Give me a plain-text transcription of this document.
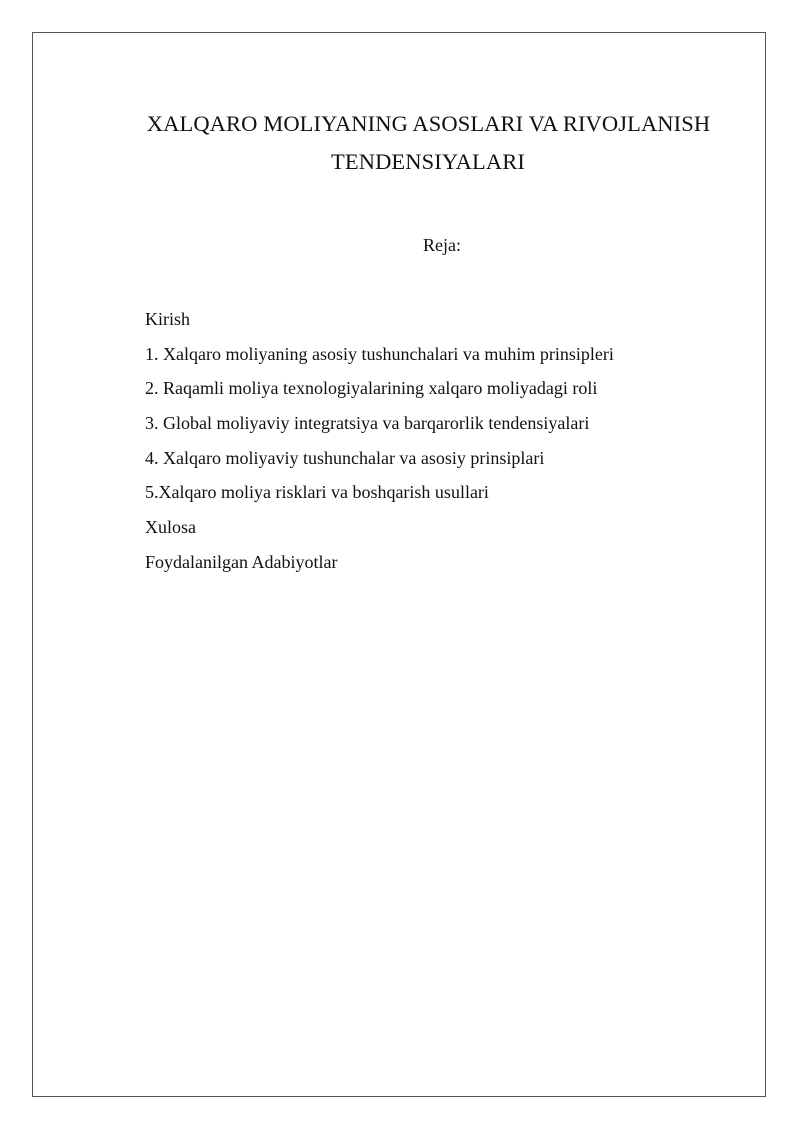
XALQARO MOLIYANING ASOSLARI VA RIVOJLANISH
TENDENSIYALARI
Reja:
Kirish
1. Xalqaro moliyaning asosiy tushunchalari va muhim prinsipleri
2. Raqamli moliya texnologiyalarining xalqaro moliyadagi roli
3. Global moliyaviy integratsiya va barqarorlik tendensiyalari
4. Xalqaro moliyaviy tushunchalar va asosiy prinsiplari
5.Xalqaro moliya risklari va boshqarish usullari
Xulosa
Foydalanilgan Adabiyotlar
